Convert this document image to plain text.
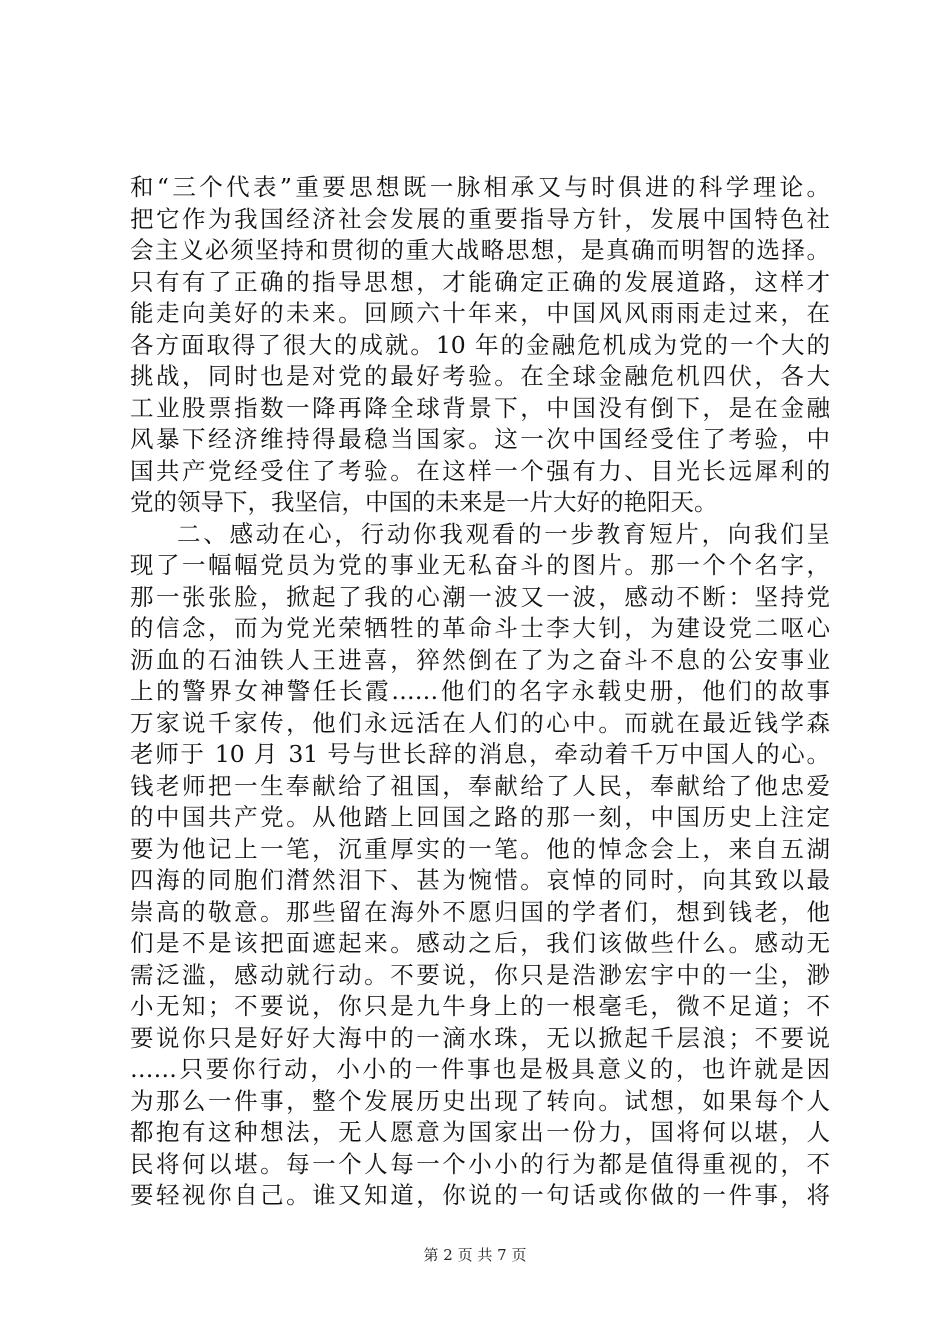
和“三个代表”重要思想既一脉相承又与时俱进的科学理论。
把它作为我国经济社会发展的重要指导方针，发展中国特色社
会主义必须坚持和贯彻的重大战略思想，是真确而明智的选择。
只有有了正确的指导思想，才能确定正确的发展道路，这样才
能走向美好的未来。回顾六十年来，中国风风雨雨走过来，在
各方面取得了很大的成就。10 年的金融危机成为党的一个大的
挑战，同时也是对党的最好考验。在全球金融危机四伏，各大
工业股票指数一降再降全球背景下，中国没有倒下，是在金融
风暴下经济维持得最稳当国家。这一次中国经受住了考验，中
国共产党经受住了考验。在这样一个强有力、目光长远犀利的
党的领导下，我坚信，中国的未来是一片大好的艳阳天。
二、感动在心，行动你我观看的一步教育短片，向我们呈
现了一幅幅党员为党的事业无私奋斗的图片。那一个个名字，
那一张张脸，掀起了我的心潮一波又一波，感动不断：坚持党
的信念，而为党光荣牺牲的革命斗士李大钊，为建设党二呕心
沥血的石油铁人王进喜，猝然倒在了为之奋斗不息的公安事业
上的警界女神警任长霞……他们的名字永载史册，他们的故事
万家说千家传，他们永远活在人们的心中。而就在最近钱学森
老师于 10 月 31 号与世长辞的消息，牵动着千万中国人的心。
钱老师把一生奉献给了祖国，奉献给了人民，奉献给了他忠爱
的中国共产党。从他踏上回国之路的那一刻，中国历史上注定
要为他记上一笔，沉重厚实的一笔。他的悼念会上，来自五湖
四海的同胞们潸然泪下、甚为惋惜。哀悼的同时，向其致以最
崇高的敬意。那些留在海外不愿归国的学者们，想到钱老，他
们是不是该把面遮起来。感动之后，我们该做些什么。感动无
需泛滥，感动就行动。不要说，你只是浩渺宏宇中的一尘，渺
小无知；不要说，你只是九牛身上的一根毫毛，微不足道；不
要说你只是好好大海中的一滴水珠，无以掀起千层浪；不要说
……只要你行动，小小的一件事也是极具意义的，也许就是因
为那么一件事，整个发展历史出现了转向。试想，如果每个人
都抱有这种想法，无人愿意为国家出一份力，国将何以堪，人
民将何以堪。每一个人每一个小小的行为都是值得重视的，不
要轻视你自己。谁又知道，你说的一句话或你做的一件事，将
第 2 页 共 7 页
